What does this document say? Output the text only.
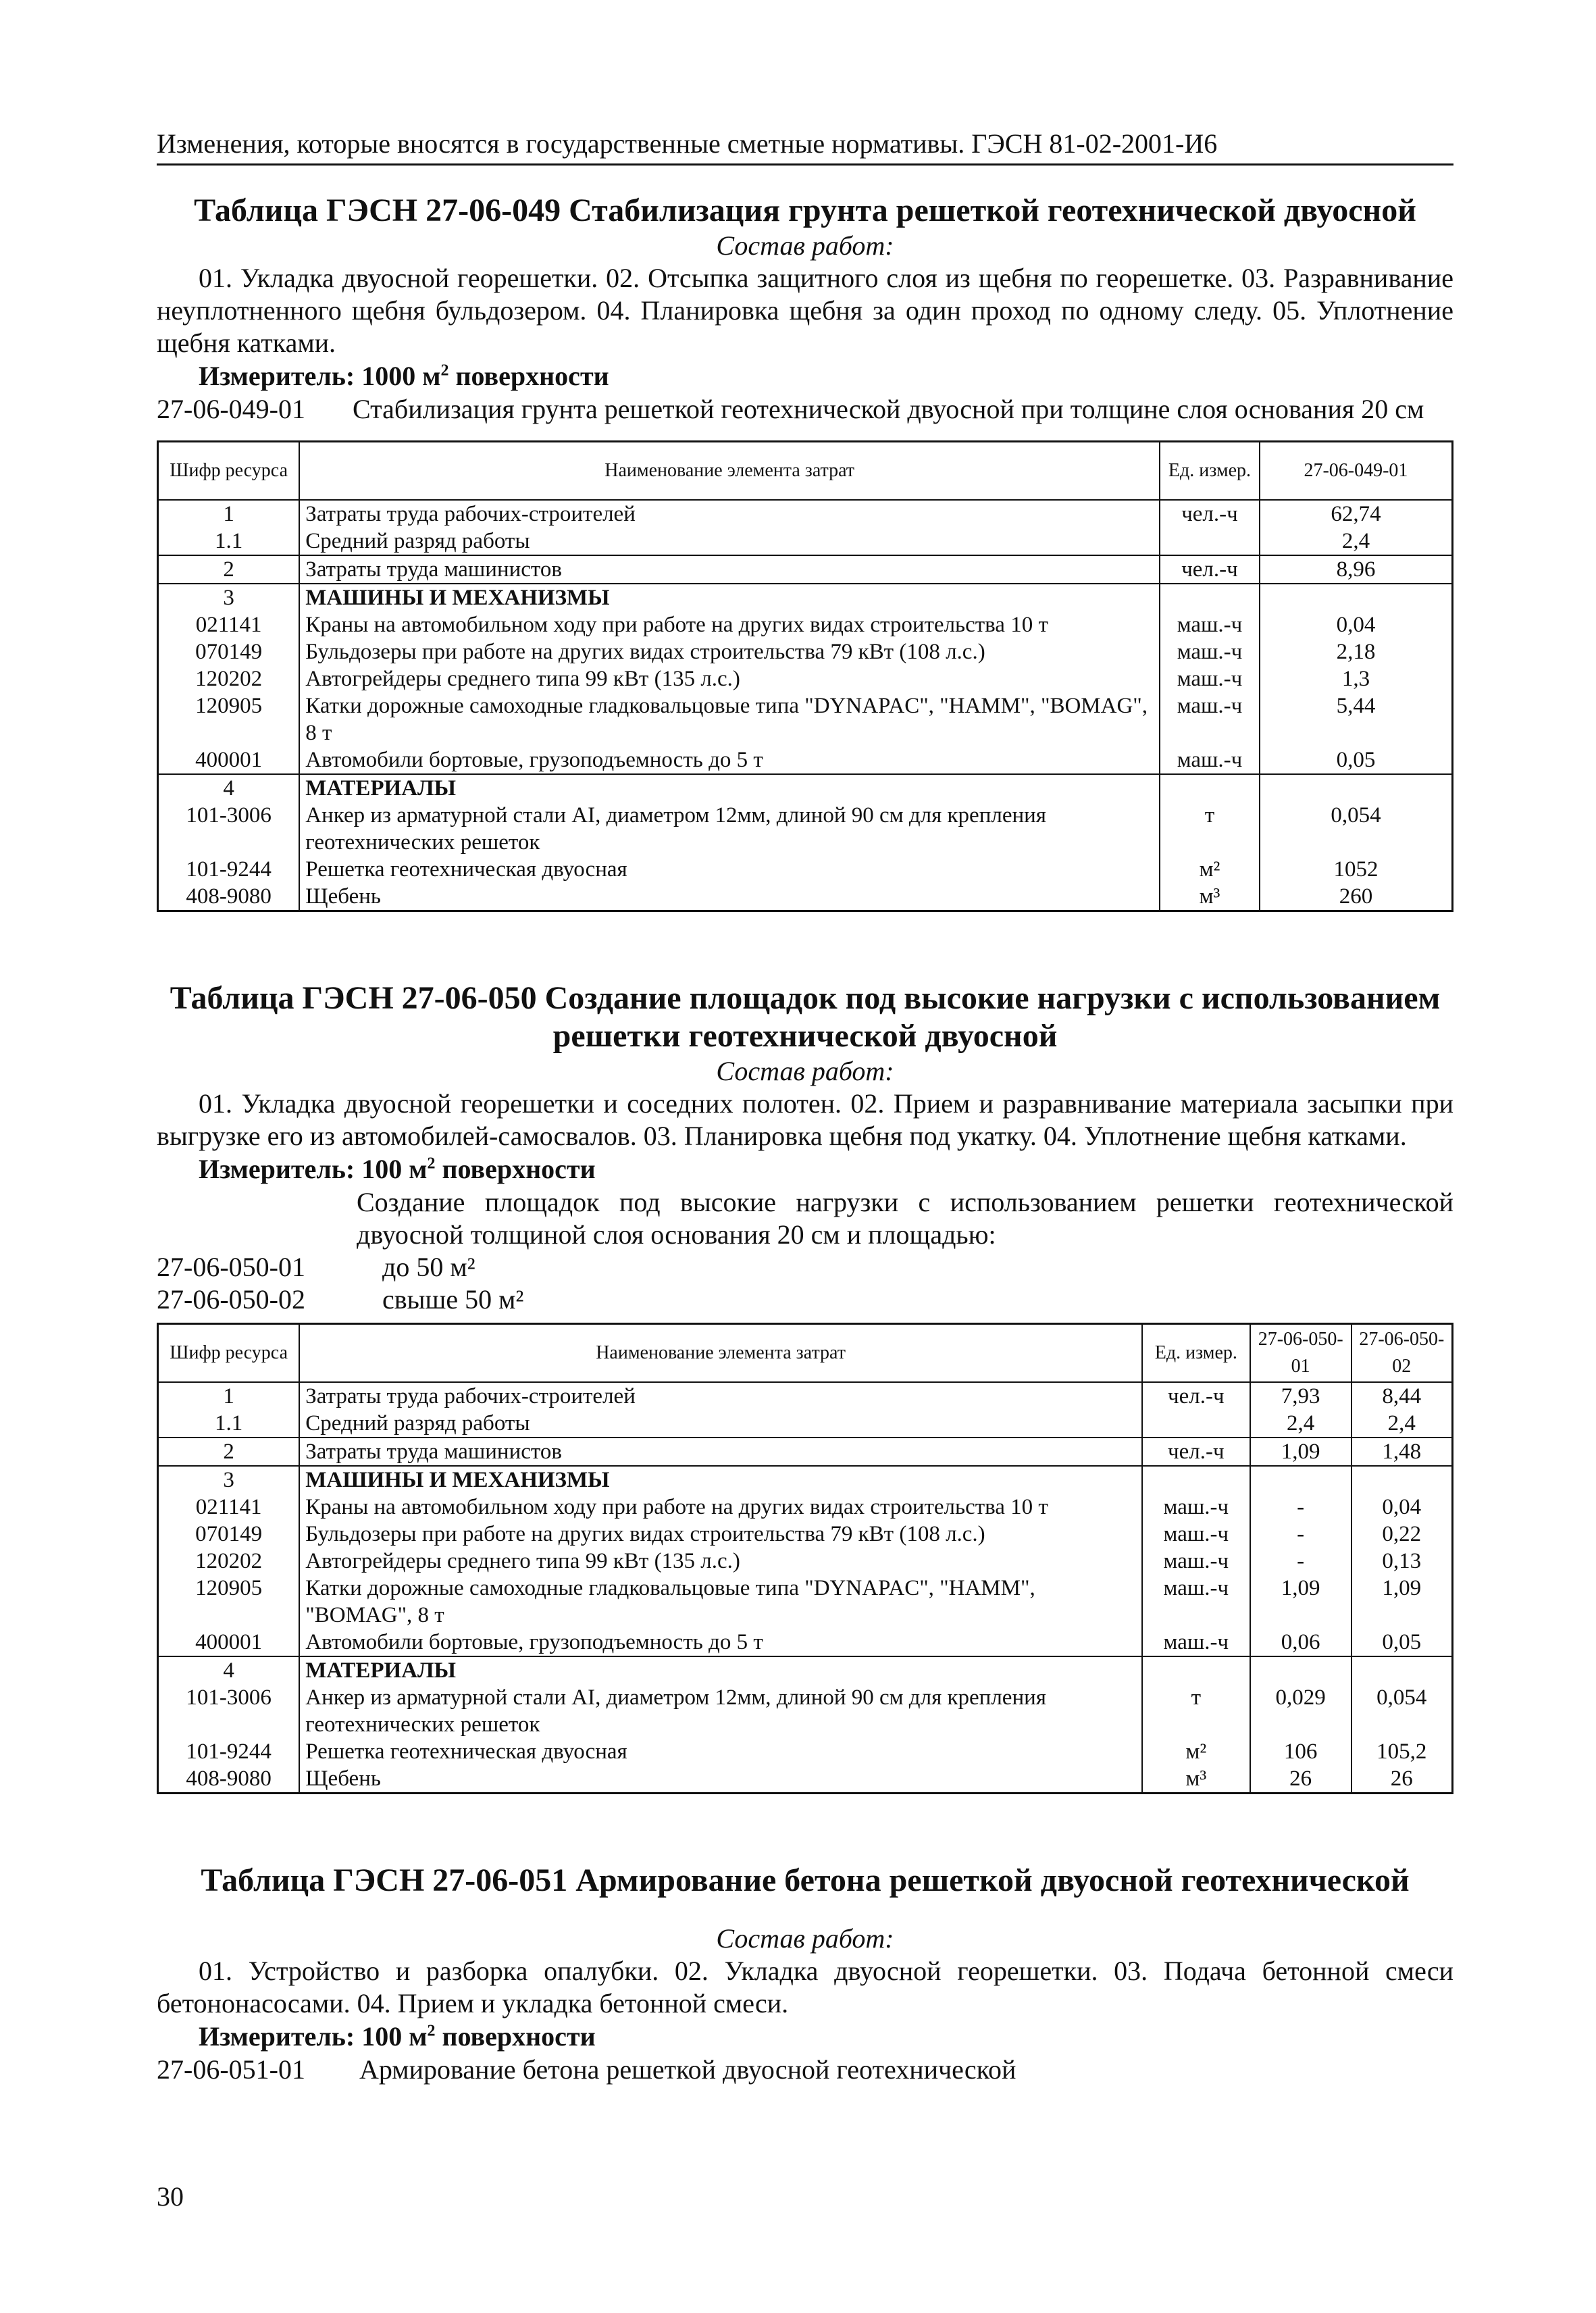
Изменения, которые вносятся в государственные сметные нормативы. ГЭСН 81-02-2001-И6

Таблица ГЭСН 27-06-049 Стабилизация грунта решеткой геотехнической двуосной

Состав работ:

01. Укладка двуосной георешетки. 02. Отсыпка защитного слоя из щебня по георешетке. 03. Разравнивание неуплотненного щебня бульдозером. 04. Планировка щебня за один проход по одному следу. 05. Уплотнение щебня катками.

Измеритель: 1000 $м^2$ поверхности

27-06-049-01 Стабилизация грунта решеткой геотехнической двуосной при толщине слоя основания 20 см

Шифр ресурса	Наименование элемента затрат	Ед. измер.	27-06-049-01
1	Затраты труда рабочих-строителей	чел.-ч	62,74
1.1	Средний разряд работы		2,4
2	Затраты труда машинистов	чел.-ч	8,96
3	МАШИНЫ И МЕХАНИЗМЫ		
021141	Краны на автомобильном ходу при работе на других видах строительства 10 т	маш.-ч	0,04
070149	Бульдозеры при работе на других видах строительства 79 кВт (108 л.с.)	маш.-ч	2,18
120202	Автогрейдеры среднего типа 99 кВт (135 л.с.)	маш.-ч	1,3
120905	Катки дорожные самоходные гладковальцовые типа "DYNAPAC", "HAMM", "BOMAG", 8 т	маш.-ч	5,44
400001	Автомобили бортовые, грузоподъемность до 5 т	маш.-ч	0,05
4	МАТЕРИАЛЫ		
101-3006	Анкер из арматурной стали AI, диаметром 12мм, длиной 90 см для крепления геотехнических решеток	т	0,054
101-9244	Решетка геотехническая двуосная	м²	1052
408-9080	Щебень	м³	260

Таблица ГЭСН 27-06-050 Создание площадок под высокие нагрузки с использованием

решетки геотехнической двуосной

Состав работ:

01. Укладка двуосной георешетки и соседних полотен. 02. Прием и разравнивание материала засыпки при выгрузке его из автомобилей-самосвалов. 03. Планировка щебня под укатку. 04. Уплотнение щебня катками.

Измеритель: 100 $м^2$ поверхности

Создание площадок под высокие нагрузки с использованием решетки геотехнической двуосной толщиной слоя основания 20 см и площадью:

27-06-050-01	до 50 м²

27-06-050-02	свыше 50 м²

Шифр ресурса	Наименование элемента затрат	Ед. измер.	27-06-050-01	27-06-050-02
1	Затраты труда рабочих-строителей	чел.-ч	7,93	8,44
1.1	Средний разряд работы		2,4	2,4
2	Затраты труда машинистов	чел.-ч	1,09	1,48
3	МАШИНЫ И МЕХАНИЗМЫ			
021141	Краны на автомобильном ходу при работе на других видах строительства 10 т	маш.-ч	-	0,04
070149	Бульдозеры при работе на других видах строительства 79 кВт (108 л.с.)	маш.-ч	-	0,22
120202	Автогрейдеры среднего типа 99 кВт (135 л.с.)	маш.-ч	-	0,13
120905	Катки дорожные самоходные гладковальцовые типа "DYNAPAC", "HAMM", "BOMAG", 8 т	маш.-ч	1,09	1,09
400001	Автомобили бортовые, грузоподъемность до 5 т	маш.-ч	0,06	0,05
4	МАТЕРИАЛЫ			
101-3006	Анкер из арматурной стали AI, диаметром 12мм, длиной 90 см для крепления геотехнических решеток	т	0,029	0,054
101-9244	Решетка геотехническая двуосная	м²	106	105,2
408-9080	Щебень	м³	26	26

Таблица ГЭСН 27-06-051 Армирование бетона решеткой двуосной геотехнической

Состав работ:

01. Устройство и разборка опалубки. 02. Укладка двуосной георешетки. 03. Подача бетонной смеси бетононасосами. 04. Прием и укладка бетонной смеси.

Измеритель: 100 $м^2$ поверхности

27-06-051-01 Армирование бетона решеткой двуосной геотехнической

30
